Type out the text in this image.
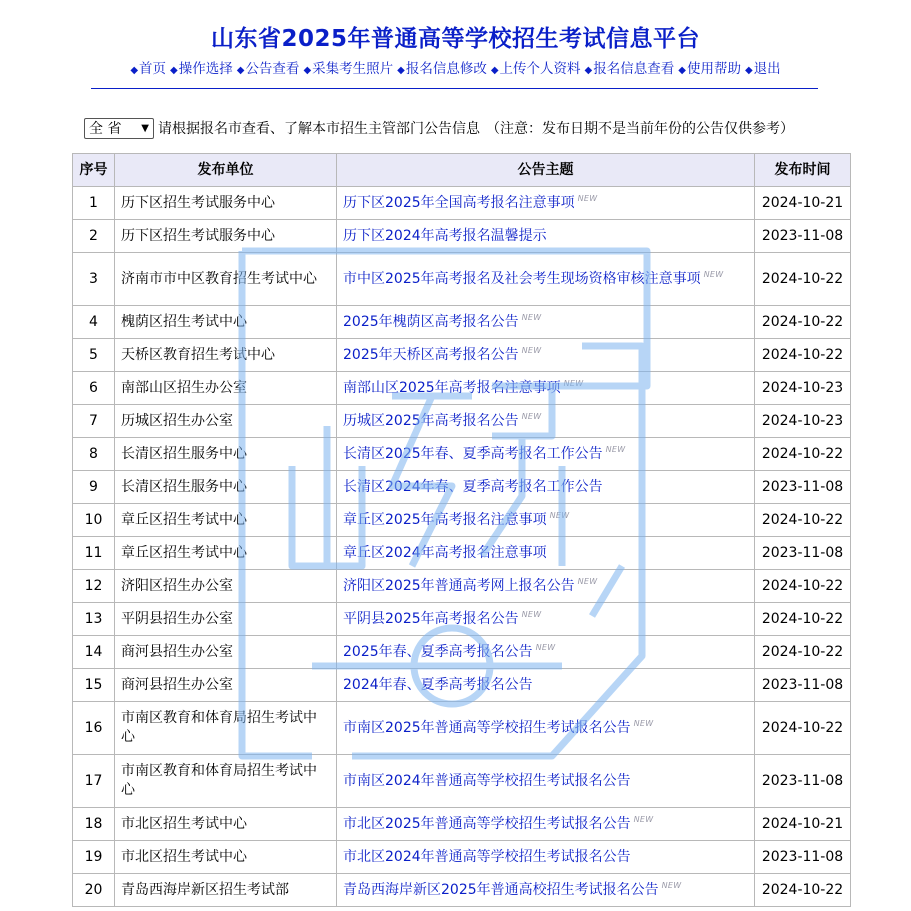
山东省2025年普通高等学校招生考试信息平台
◆首页 ◆操作选择 ◆公告查看 ◆采集考生照片 ◆报名信息修改 ◆上传个人资料 ◆报名信息查看 ◆使用帮助 ◆退出
全 省 ▼ 请根据报名市查看、了解本市招生主管部门公告信息 （注意：发布日期不是当前年份的公告仅供参考）
序号	发布单位	公告主题	发布时间
1	历下区招生考试服务中心	历下区2025年全国高考报名注意事项 NEW	2024-10-21
2	历下区招生考试服务中心	历下区2024年高考报名温馨提示	2023-11-08
3	济南市市中区教育招生考试中心	市中区2025年高考报名及社会考生现场资格审核注意事项 NEW	2024-10-22
4	槐荫区招生考试中心	2025年槐荫区高考报名公告 NEW	2024-10-22
5	天桥区教育招生考试中心	2025年天桥区高考报名公告 NEW	2024-10-22
6	南部山区招生办公室	南部山区2025年高考报名注意事项 NEW	2024-10-23
7	历城区招生办公室	历城区2025年高考报名公告 NEW	2024-10-23
8	长清区招生服务中心	长清区2025年春、夏季高考报名工作公告 NEW	2024-10-22
9	长清区招生服务中心	长清区2024年春、夏季高考报名工作公告	2023-11-08
10	章丘区招生考试中心	章丘区2025年高考报名注意事项 NEW	2024-10-22
11	章丘区招生考试中心	章丘区2024年高考报名注意事项	2023-11-08
12	济阳区招生办公室	济阳区2025年普通高考网上报名公告 NEW	2024-10-22
13	平阴县招生办公室	平阴县2025年高考报名公告 NEW	2024-10-22
14	商河县招生办公室	2025年春、夏季高考报名公告 NEW	2024-10-22
15	商河县招生办公室	2024年春、夏季高考报名公告	2023-11-08
16	市南区教育和体育局招生考试中心	市南区2025年普通高等学校招生考试报名公告 NEW	2024-10-22
17	市南区教育和体育局招生考试中心	市南区2024年普通高等学校招生考试报名公告	2023-11-08
18	市北区招生考试中心	市北区2025年普通高等学校招生考试报名公告 NEW	2024-10-21
19	市北区招生考试中心	市北区2024年普通高等学校招生考试报名公告	2023-11-08
20	青岛西海岸新区招生考试部	青岛西海岸新区2025年普通高校招生考试报名公告 NEW	2024-10-22
